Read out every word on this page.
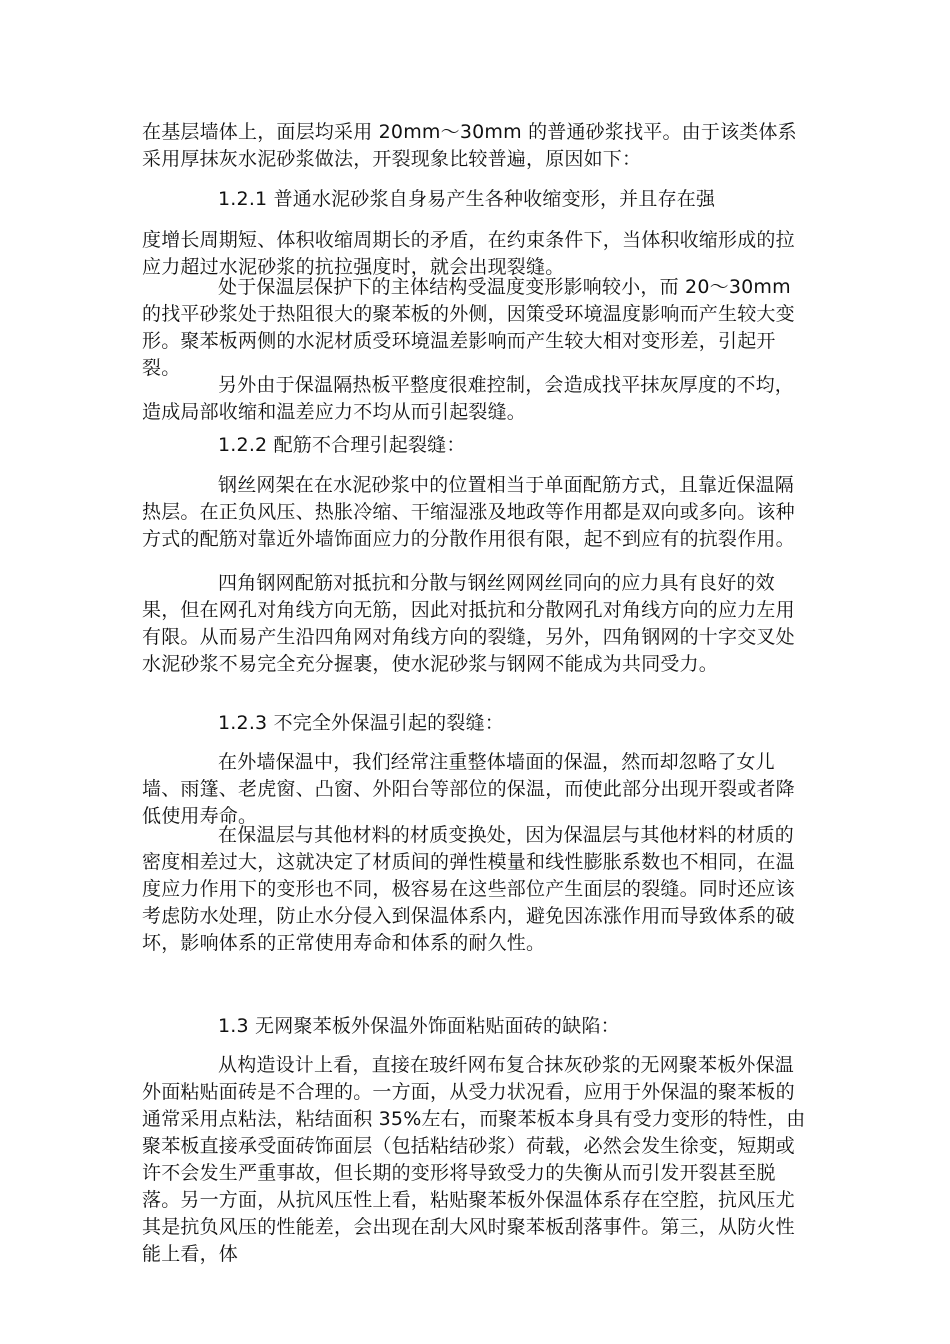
在基层墙体上，面层均采用 20mm～30mm 的普通砂浆找平。由于该类体系采用厚抹灰水泥砂浆做法，开裂现象比较普遍，原因如下：
1.2.1 普通水泥砂浆自身易产生各种收缩变形，并且存在强
度增长周期短、体积收缩周期长的矛盾，在约束条件下，当体积收缩形成的拉应力超过水泥砂浆的抗拉强度时，就会出现裂缝。
处于保温层保护下的主体结构受温度变形影响较小，而 20～30mm 的找平砂浆处于热阻很大的聚苯板的外侧，因策受环境温度影响而产生较大变形。聚苯板两侧的水泥材质受环境温差影响而产生较大相对变形差，引起开裂。
另外由于保温隔热板平整度很难控制，会造成找平抹灰厚度的不均，造成局部收缩和温差应力不均从而引起裂缝。
1.2.2 配筋不合理引起裂缝：
钢丝网架在在水泥砂浆中的位置相当于单面配筋方式，且靠近保温隔热层。在正负风压、热胀冷缩、干缩湿涨及地政等作用都是双向或多向。该种方式的配筋对靠近外墙饰面应力的分散作用很有限，起不到应有的抗裂作用。
四角钢网配筋对抵抗和分散与钢丝网网丝同向的应力具有良好的效果，但在网孔对角线方向无筋，因此对抵抗和分散网孔对角线方向的应力左用有限。从而易产生沿四角网对角线方向的裂缝，另外，四角钢网的十字交叉处水泥砂浆不易完全充分握裹，使水泥砂浆与钢网不能成为共同受力。
1.2.3 不完全外保温引起的裂缝：
在外墙保温中，我们经常注重整体墙面的保温，然而却忽略了女儿墙、雨篷、老虎窗、凸窗、外阳台等部位的保温，而使此部分出现开裂或者降低使用寿命。
在保温层与其他材料的材质变换处，因为保温层与其他材料的材质的密度相差过大，这就决定了材质间的弹性模量和线性膨胀系数也不相同，在温度应力作用下的变形也不同，极容易在这些部位产生面层的裂缝。同时还应该考虑防水处理，防止水分侵入到保温体系内，避免因冻涨作用而导致体系的破坏，影响体系的正常使用寿命和体系的耐久性。
1.3 无网聚苯板外保温外饰面粘贴面砖的缺陷：
从构造设计上看，直接在玻纤网布复合抹灰砂浆的无网聚苯板外保温外面粘贴面砖是不合理的。一方面，从受力状况看，应用于外保温的聚苯板的通常采用点粘法，粘结面积 35%左右，而聚苯板本身具有受力变形的特性，由聚苯板直接承受面砖饰面层（包括粘结砂浆）荷载，必然会发生徐变，短期或许不会发生严重事故，但长期的变形将导致受力的失衡从而引发开裂甚至脱落。另一方面，从抗风压性上看，粘贴聚苯板外保温体系存在空腔，抗风压尤其是抗负风压的性能差，会出现在刮大风时聚苯板刮落事件。第三，从防火性能上看，体
